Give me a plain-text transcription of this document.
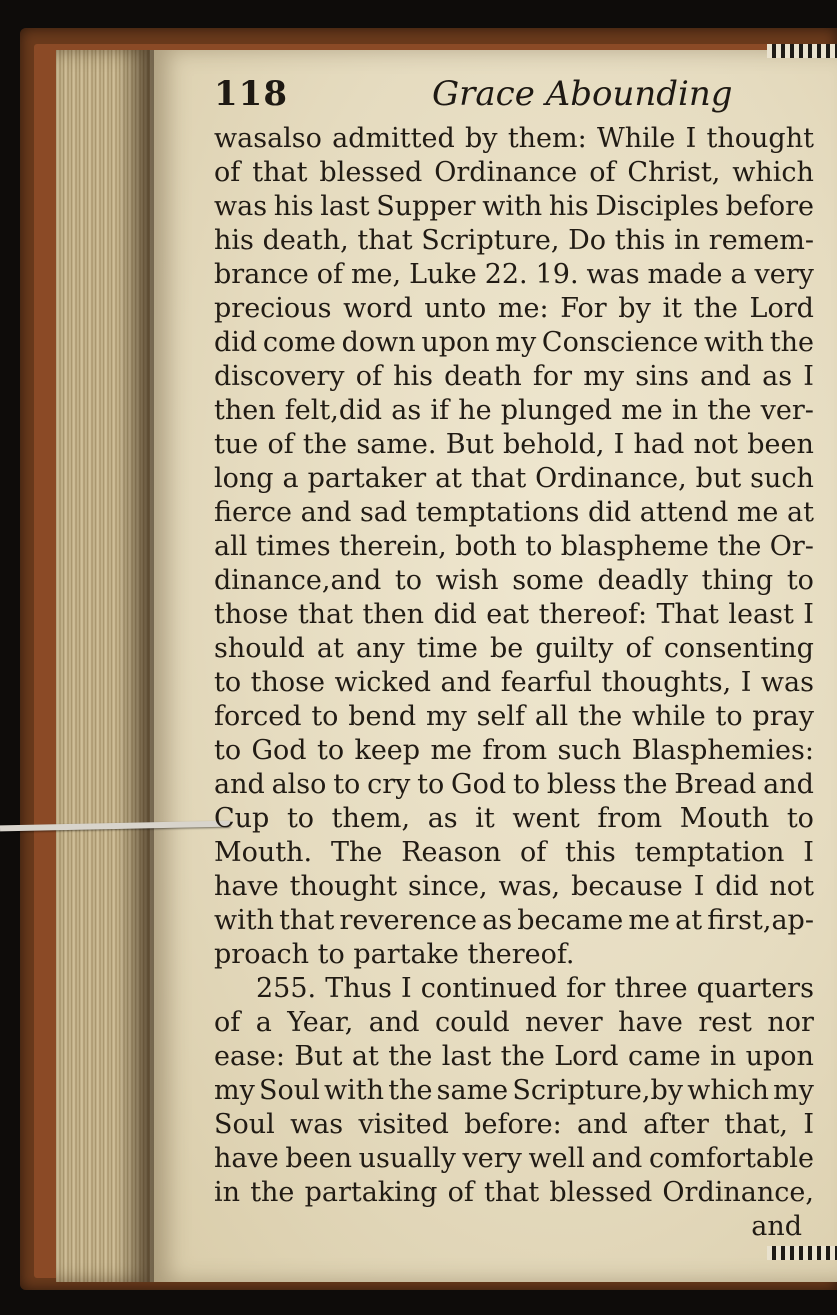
118	Grace Abounding
wasalso admitted by them: While I thought
of that blessed Ordinance of Christ, which
was his last Supper with his Disciples before
his death, that Scripture, Do this in remem-
brance of me, Luke 22. 19. was made a very
precious word unto me: For by it the Lord
did come down upon my Conscience with the
discovery of his death for my sins and as I
then felt,did as if he plunged me in the ver-
tue of the same. But behold, I had not been
long a partaker at that Ordinance, but such
fierce and sad temptations did attend me at
all times therein, both to blaspheme the Or-
dinance,and to wish some deadly thing to
those that then did eat thereof: That least I
should at any time be guilty of consenting
to those wicked and fearful thoughts, I was
forced to bend my self all the while to pray
to God to keep me from such Blasphemies:
and also to cry to God to bless the Bread and
Cup to them, as it went from Mouth to
Mouth. The Reason of this temptation I
have thought since, was, because I did not
with that reverence as became me at first,ap-
proach to partake thereof.
255. Thus I continued for three quarters
of a Year, and could never have rest nor
ease: But at the last the Lord came in upon
my Soul with the same Scripture,by which my
Soul was visited before: and after that, I
have been usually very well and comfortable
in the partaking of that blessed Ordinance,
and
